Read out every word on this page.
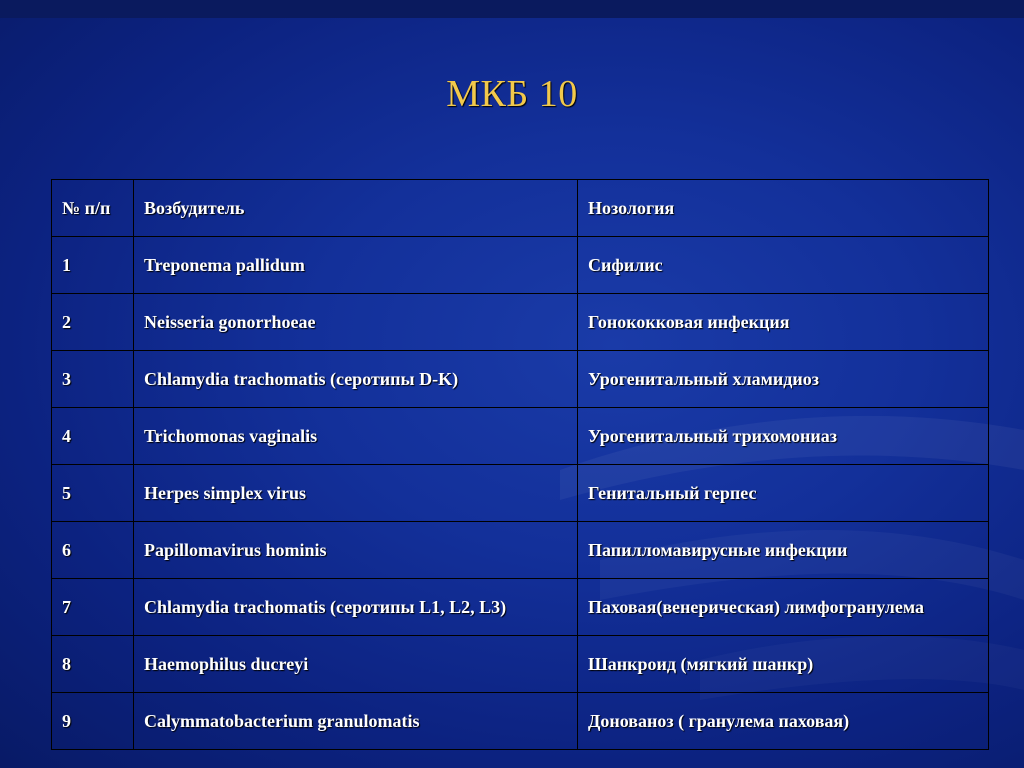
МКБ 10
№ п/п	Возбудитель	Нозология
1	Treponema pallidum	Сифилис
2	Neisseria gonorrhoeae	Гонококковая инфекция
3	Chlamydia trachomatis (серотипы D-K)	Урогенитальный хламидиоз
4	Trichomonas vaginalis	Урогенитальный трихомониаз
5	Herpes simplex virus	Генитальный герпес
6	Papillomavirus hominis	Папилломавирусные инфекции
7	Chlamydia trachomatis (серотипы L1, L2, L3)	Паховая(венерическая) лимфогранулема
8	Haemophilus ducreyi	Шанкроид (мягкий шанкр)
9	Calymmatobacterium granulomatis	Донованоз ( гранулема паховая)
